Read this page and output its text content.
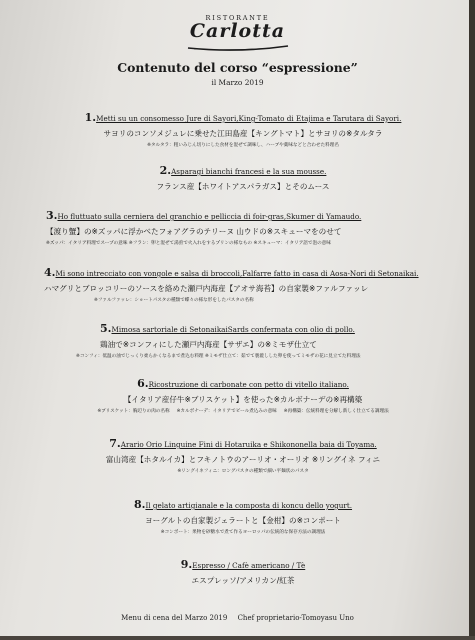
RISTORANTE
Carlotta
Contenuto del corso “espressione”
il Marzo 2019
1.Metti su un consomesso Jure di Sayori,King-Tomato di Etajima e Tarutara di Sayori.
サヨリのコンソメジュレに乗せた江田島産【キングトマト】とサヨリの※タルタラ
※タルタラ：粗いみじん切りにした食材を混ぜて調味し、ハーブや薬味などと合わせた料理名
2.Asparagi bianchi francesi e la sua mousse.
フランス産【ホワイトアスパラガス】とそのムース
3.Ho fluttuato sulla cerniera del granchio e pelliccia di foir-gras,Skumer di Yamaudo.
【渡り蟹】の※ズッパに浮かべたフォアグラのテリーヌ 山ウドの※スキューマをのせて
※ズッパ：イタリア料理でスープの意味 ※フラン：卵と混ぜて湯煎で火入れをするプリンの様なもの ※スキューマ：イタリア語で泡の意味
4.Mi sono intrecciato con vongole e salsa di broccoli,Falfarre fatto in casa di Aosa-Nori di Setonaikai.
ハマグリとブロッコリーのソースを絡めた瀬戸内海産【アオサ海苔】の自家製※ファルファッレ
※ファルファッレ：ショートパスタの種類で蝶々の様な形をしたパスタの名称
5.Mimosa sartoriale di SetonaikaiSards confermata con olio di pollo.
鶏油で※コンフィにした瀬戸内海産【サザエ】の※ミモザ仕立て
※コンフィ：低温の油でじっくり柔らかくなるまで煮込む料理 ※ミモザ仕立て：茹でて裏漉しした卵を使ってミモザの花に見立てた料理法
6.Ricostruzione di carbonate con petto di vitello italiano.
【イタリア産仔牛※ブリスケット】を使った※カルボナーデの※再構築
※ブリスケット：胸辺りの肉の名称 ※カルボナーデ：イタリアでビール煮込みの意味 ※再構築：伝統料理を分解し新しく仕立てる調理法
7.Arario Orio Linguine Fini di Hotaruika e Shikononella baia di Toyama.
富山湾産【ホタルイカ】とフキノトウのアーリオ・オーリオ ※リングイネ フィニ
※リングイネフィニ：ロングパスタの種類で細い平麺状のパスタ
8.Il gelato artigianale e la composta di koncu dello yogurt.
ヨーグルトの自家製ジェラートと【金柑】の※コンポート
※コンポート：果物を砂糖水で煮て作るヨーロッパの伝統的な保存方法の調理法
9.Espresso / Cafè americano / Tè
エスプレッソ/アメリカン/紅茶
Menu di cena del Marzo 2019 Chef proprietario-Tomoyasu Uno
